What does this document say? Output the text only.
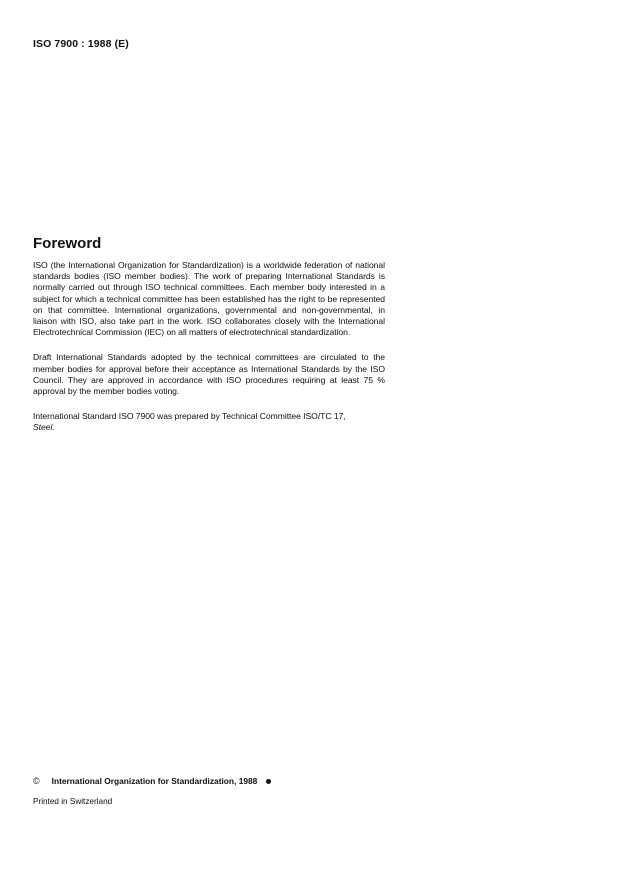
ISO 7900 : 1988 (E)
Foreword

ISO (the International Organization for Standardization) is a worldwide federation of national standards bodies (ISO member bodies). The work of preparing International Standards is normally carried out through ISO technical committees. Each member body interested in a subject for which a technical committee has been established has the right to be represented on that committee. International organizations, governmental and non-governmental, in liaison with ISO, also take part in the work. ISO collaborates closely with the International Electrotechnical Commission (IEC) on all matters of electrotechnical standardization.

Draft International Standards adopted by the technical committees are circulated to the member bodies for approval before their acceptance as International Standards by the ISO Council. They are approved in accordance with ISO procedures requiring at least 75 % approval by the member bodies voting.

International Standard ISO 7900 was prepared by Technical Committee ISO/TC 17,
Steel.

© International Organization for Standardization, 1988
Printed in Switzerland
